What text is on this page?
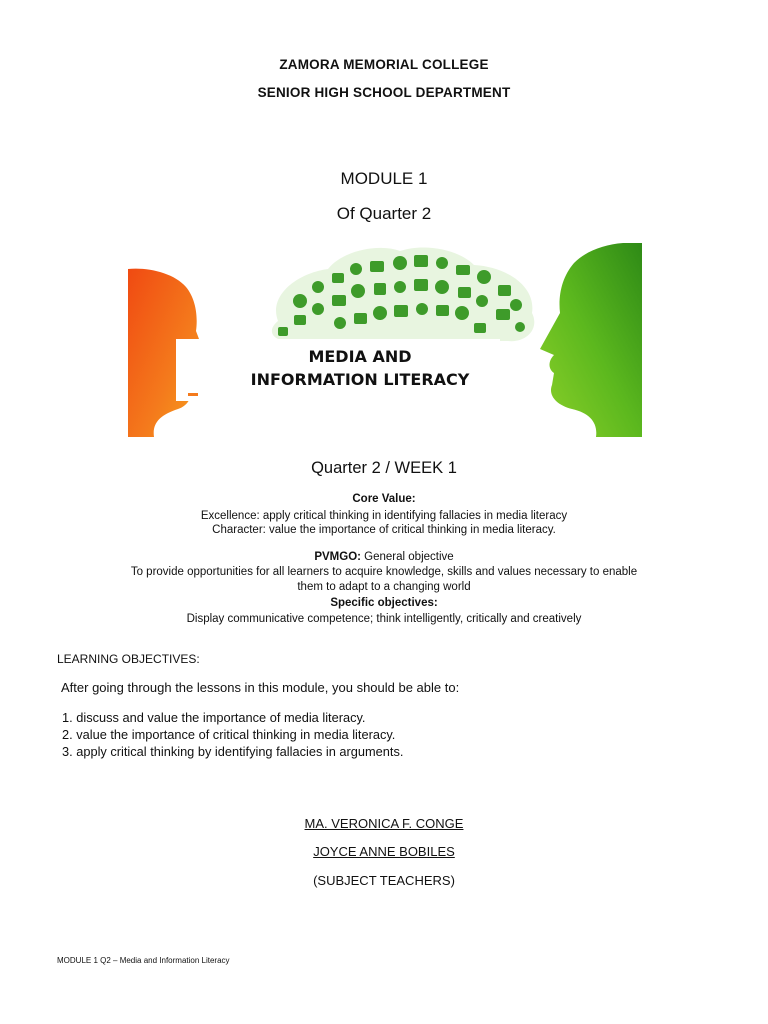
ZAMORA MEMORIAL COLLEGE
SENIOR HIGH SCHOOL DEPARTMENT
MODULE 1
Of Quarter 2
MEDIA AND
INFORMATION LITERACY
Quarter 2 / WEEK 1
Core Value:
Excellence: apply critical thinking in identifying fallacies in media literacy
Character: value the importance of critical thinking in media literacy.
PVMGO: General objective
To provide opportunities for all learners to acquire knowledge, skills and values necessary to enable
them to adapt to a changing world
Specific objectives:
Display communicative competence; think intelligently, critically and creatively
LEARNING OBJECTIVES:
After going through the lessons in this module, you should be able to:
1. discuss and value the importance of media literacy.
2. value the importance of critical thinking in media literacy.
3. apply critical thinking by identifying fallacies in arguments.
MA. VERONICA F. CONGE
JOYCE ANNE BOBILES
(SUBJECT TEACHERS)
MODULE 1 Q2 – Media and Information Literacy
